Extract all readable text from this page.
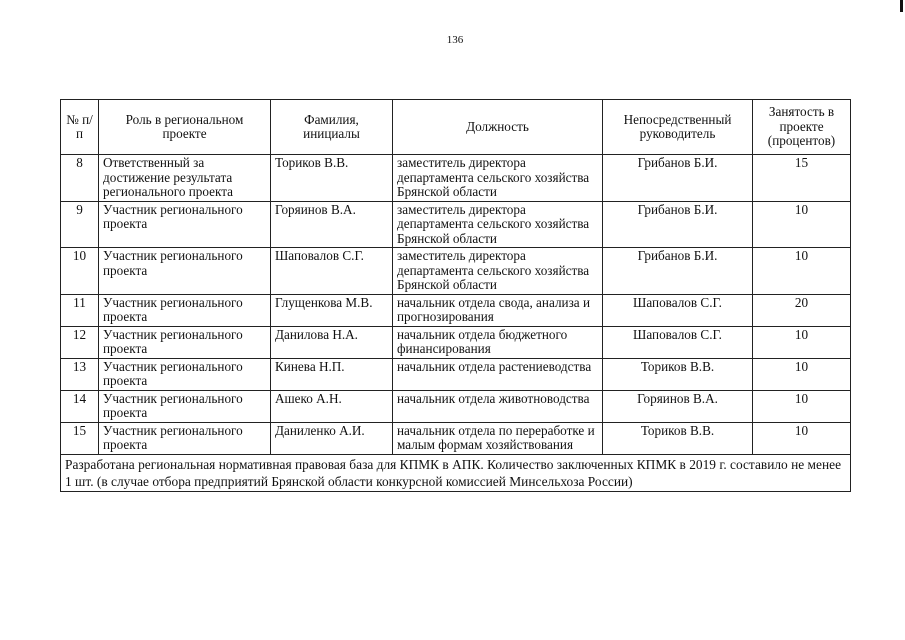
136
№ п/п	Роль в региональном проекте	Фамилия, инициалы	Должность	Непосредственный руководитель	Занятость в проекте (процентов)
8	Ответственный за достижение результата регионального проекта	Ториков В.В.	заместитель директора департамента сельского хозяйства Брянской области	Грибанов Б.И.	15
9	Участник регионального проекта	Горяинов В.А.	заместитель директора департамента сельского хозяйства Брянской области	Грибанов Б.И.	10
10	Участник регионального проекта	Шаповалов С.Г.	заместитель директора департамента сельского хозяйства Брянской области	Грибанов Б.И.	10
11	Участник регионального проекта	Глущенкова М.В.	начальник отдела свода, анализа и прогнозирования	Шаповалов С.Г.	20
12	Участник регионального проекта	Данилова Н.А.	начальник отдела бюджетного финансирования	Шаповалов С.Г.	10
13	Участник регионального проекта	Кинева Н.П.	начальник отдела растениеводства	Ториков В.В.	10
14	Участник регионального проекта	Ашеко А.Н.	начальник отдела животноводства	Горяинов В.А.	10
15	Участник регионального проекта	Даниленко А.И.	начальник отдела по переработке и малым формам хозяйствования	Ториков В.В.	10
Разработана региональная нормативная правовая база для КПМК в АПК. Количество заключенных КПМК в 2019 г. составило не менее 1 шт. (в случае отбора предприятий Брянской области конкурсной комиссией Минсельхоза России)					
